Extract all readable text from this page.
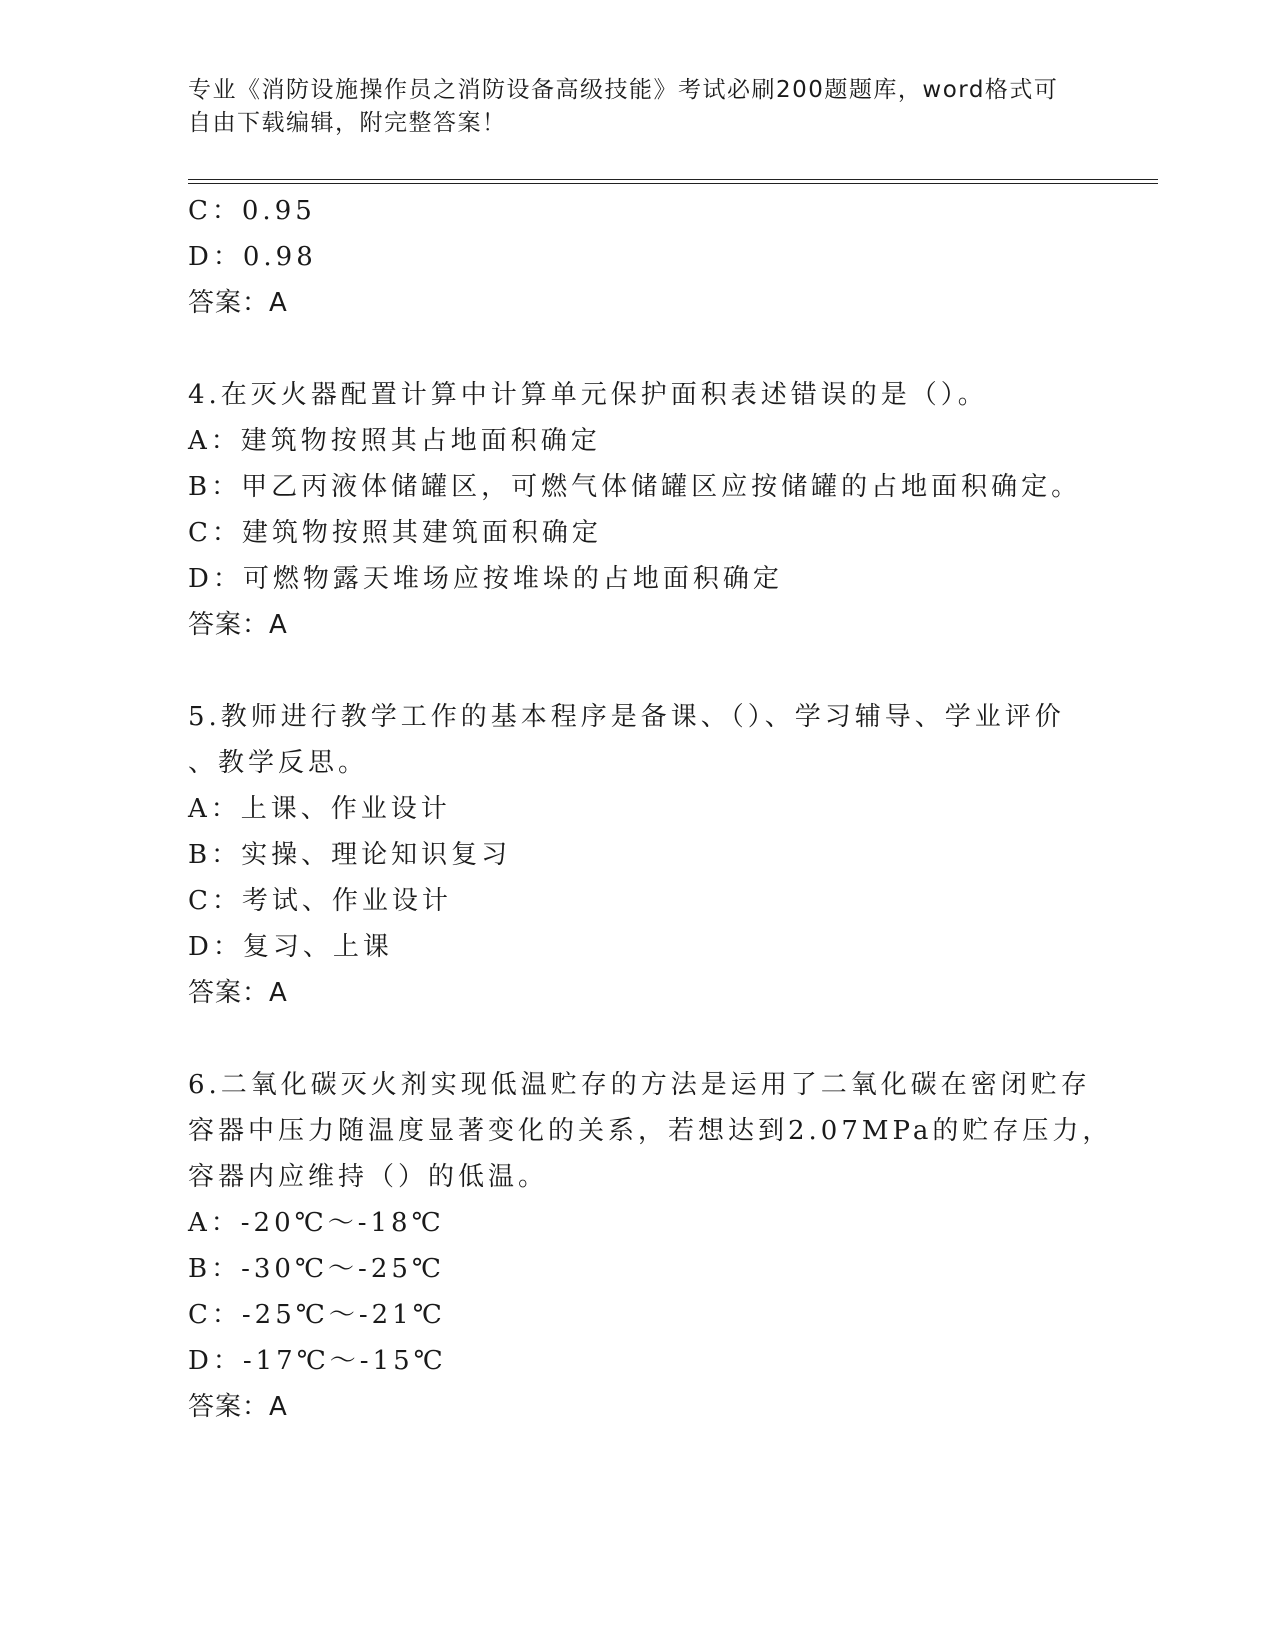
专业《消防设施操作员之消防设备高级技能》考试必刷200题题库，word格式可
自由下载编辑，附完整答案！
C：0.95
D：0.98
答案：A
4.在灭火器配置计算中计算单元保护面积表述错误的是（）。
A：建筑物按照其占地面积确定
B：甲乙丙液体储罐区，可燃气体储罐区应按储罐的占地面积确定。
C：建筑物按照其建筑面积确定
D：可燃物露天堆场应按堆垛的占地面积确定
答案：A
5.教师进行教学工作的基本程序是备课、（）、学习辅导、学业评价
、教学反思。
A：上课、作业设计
B：实操、理论知识复习
C：考试、作业设计
D：复习、上课
答案：A
6.二氧化碳灭火剂实现低温贮存的方法是运用了二氧化碳在密闭贮存
容器中压力随温度显著变化的关系，若想达到2.07MPa的贮存压力，
容器内应维持（）的低温。
A：-20℃～-18℃
B：-30℃～-25℃
C：-25℃～-21℃
D：-17℃～-15℃
答案：A
